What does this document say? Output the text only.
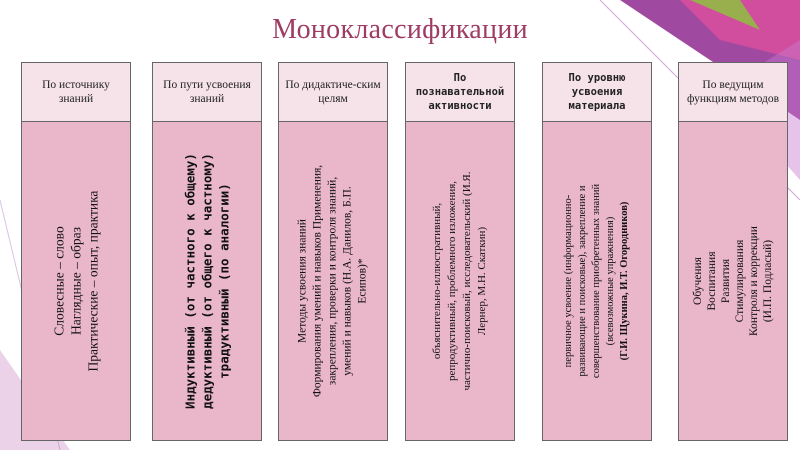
Моноклассификации
По источнику знаний
Словесные – слово Наглядные – образ Практические – опыт, практика
По пути усвоения знаний
Индуктивный (от частного к общему) дедуктивный (от общего к частному) традуктивный (по аналогии)
По дидактиче-ским целям
Методы усвоения знаний Формирования умений и навыков Применения, закрепления, проверки и контроля знаний, умений и навыков (Н.А. Данилов, Б.П. Есипов)*
По познавательной активности
объяснительно-иллюстративный, репродуктивный, проблемного изложения, частично-поисковый, исследовательский (И.Я. Лернер, М.Н. Скаткин)
По уровню усвоения материала
первичное усвоение (информационно- развивающие и поисковые), закрепление и совершенствование приобретенных знаний (всевозможные упражнения) (Г.И. Щукина, И.Т. Огородников)
По ведущим функциям методов
Обучения Воспитания Развития Стимулирования Контроля и коррекции (И.П. Подласый)
